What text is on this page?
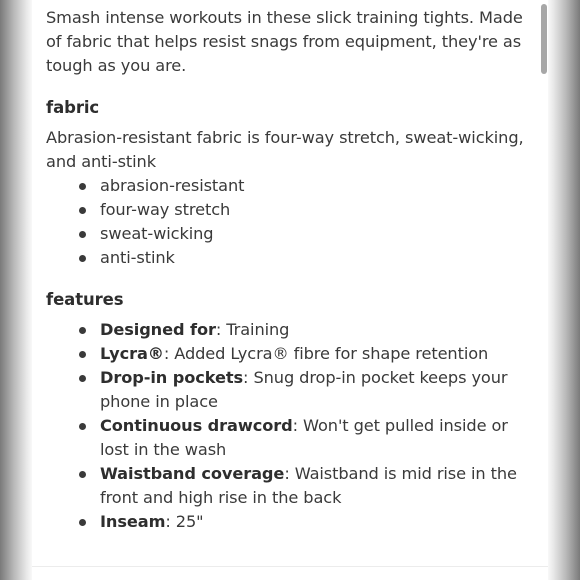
Smash intense workouts in these slick training tights. Made of fabric that helps resist snags from equipment, they're as tough as you are.

fabric

Abrasion-resistant fabric is four-way stretch, sweat-wicking, and anti-stink

abrasion-resistant
four-way stretch
sweat-wicking
anti-stink
features
Designed for: Training
Lycra®: Added Lycra® fibre for shape retention
Drop-in pockets: Snug drop-in pocket keeps your phone in place
Continuous drawcord: Won't get pulled inside or lost in the wash
Waistband coverage: Waistband is mid rise in the front and high rise in the back
Inseam: 25"
